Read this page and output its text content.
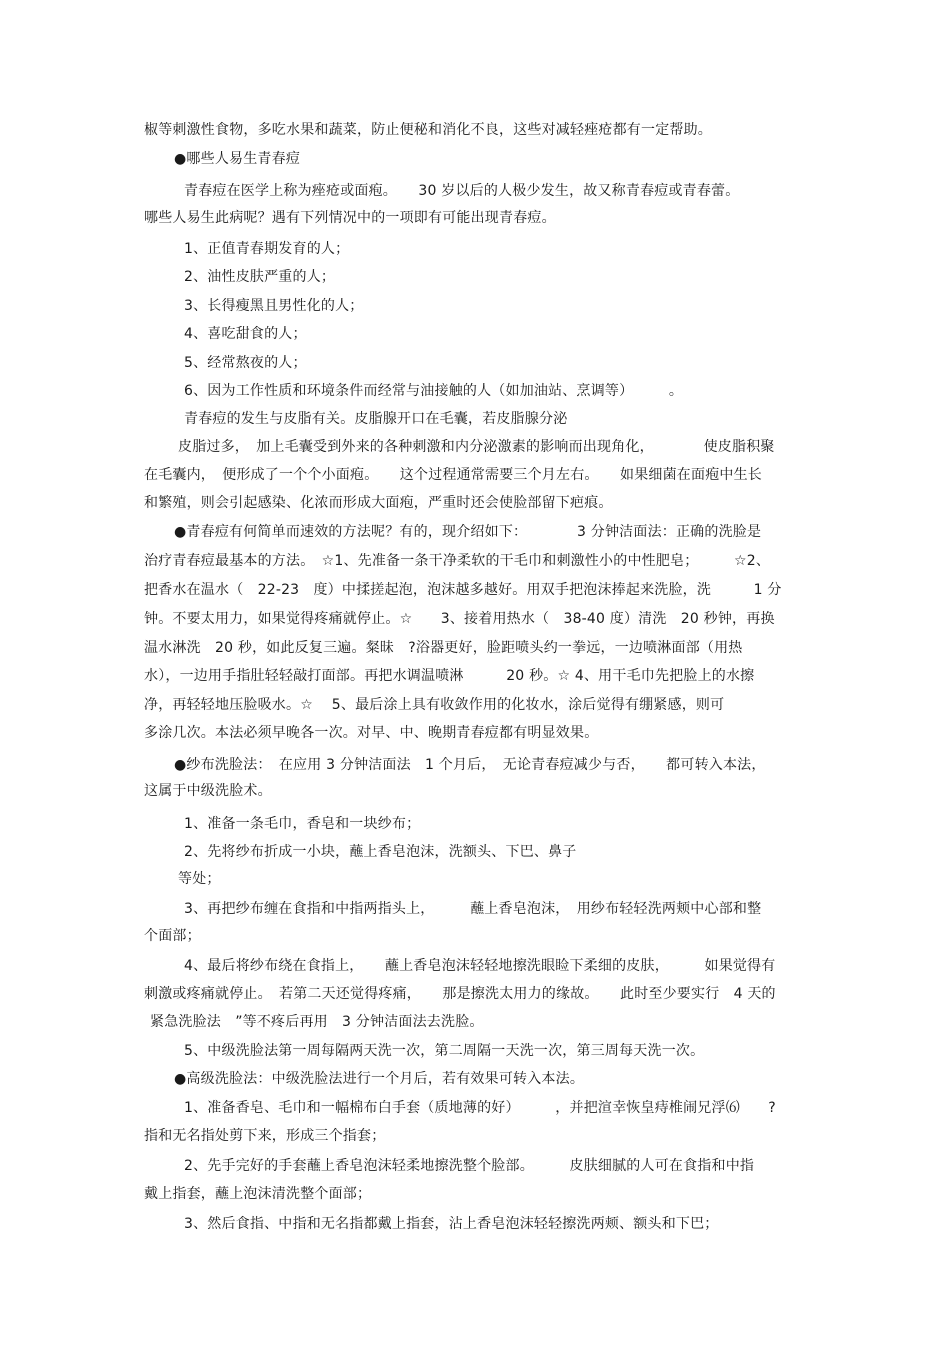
椒等刺激性食物，多吃水果和蔬菜，防止便秘和消化不良，这些对减轻痤疮都有一定帮助。

●哪些人易生青春痘

青春痘在医学上称为痤疮或面疱。　　30 岁以后的人极少发生，故又称青春痘或青春蕾。

哪些人易生此病呢？遇有下列情况中的一项即有可能出现青春痘。

1、正值青春期发育的人；

2、油性皮肤严重的人；

3、长得瘦黑且男性化的人；

4、喜吃甜食的人；

5、经常熬夜的人；

6、因为工作性质和环境条件而经常与油接触的人（如加油站、烹调等）　　　。

青春痘的发生与皮脂有关。皮脂腺开口在毛囊，若皮脂腺分泌

皮脂过多，　加上毛囊受到外来的各种刺激和内分泌激素的影响而出现角化，　　　　使皮脂积聚

在毛囊内，　便形成了一个个小面疱。　　这个过程通常需要三个月左右。　　如果细菌在面疱中生长

和繁殖，则会引起感染、化浓而形成大面疱，严重时还会使脸部留下疤痕。

●青春痘有何简单而速效的方法呢？有的，现介绍如下：　　　　3 分钟洁面法：正确的洗脸是

治疗青春痘最基本的方法。　☆1、先准备一条干净柔软的干毛巾和刺激性小的中性肥皂；　　　☆2、

把香水在温水（　22-23　度）中揉搓起泡，泡沫越多越好。用双手把泡沫捧起来洗脸，洗　　　1 分

钟。不要太用力，如果觉得疼痛就停止。☆　　3、接着用热水（　38-40 度）清洗　20 秒钟，再换

温水淋洗　20 秒，如此反复三遍。粲昧　?浴器更好，脸距喷头约一拳远，一边喷淋面部（用热

水），一边用手指肚轻轻敲打面部。再把水调温喷淋　　　20 秒。☆ 4、用干毛巾先把脸上的水擦

净，再轻轻地压脸吸水。☆　 5、最后涂上具有收敛作用的化妆水，涂后觉得有绷紧感，则可

多涂几次。本法必须早晚各一次。对早、中、晚期青春痘都有明显效果。

●纱布洗脸法：　在应用 3 分钟洁面法　1 个月后，　无论青春痘减少与否，　　都可转入本法，

这属于中级洗脸术。

1、准备一条毛巾，香皂和一块纱布；

2、先将纱布折成一小块，蘸上香皂泡沫，洗额头、下巴、鼻子

等处；

3、再把纱布缠在食指和中指两指头上，　　　蘸上香皂泡沫，　用纱布轻轻洗两颊中心部和整

个面部；

4、最后将纱布绕在食指上，　　蘸上香皂泡沫轻轻地擦洗眼睑下柔细的皮肤，　　　如果觉得有

刺激或疼痛就停止。　若第二天还觉得疼痛，　　那是擦洗太用力的缘故。　　此时至少要实行　4 天的

紧急洗脸法　”等不疼后再用　3 分钟洁面法去洗脸。

5、中级洗脸法第一周每隔两天洗一次，第二周隔一天洗一次，第三周每天洗一次。

●高级洗脸法：中级洗脸法进行一个月后，若有效果可转入本法。

1、准备香皂、毛巾和一幅棉布白手套（质地薄的好）　　　，并把渲幸恢皇痔椎闹兄浮⑹　　?

指和无名指处剪下来，形成三个指套；

2、先手完好的手套蘸上香皂泡沫轻柔地擦洗整个脸部。　　　皮肤细腻的人可在食指和中指

戴上指套，蘸上泡沫清洗整个面部；

3、然后食指、中指和无名指都戴上指套，沾上香皂泡沫轻轻擦洗两颊、额头和下巴；
